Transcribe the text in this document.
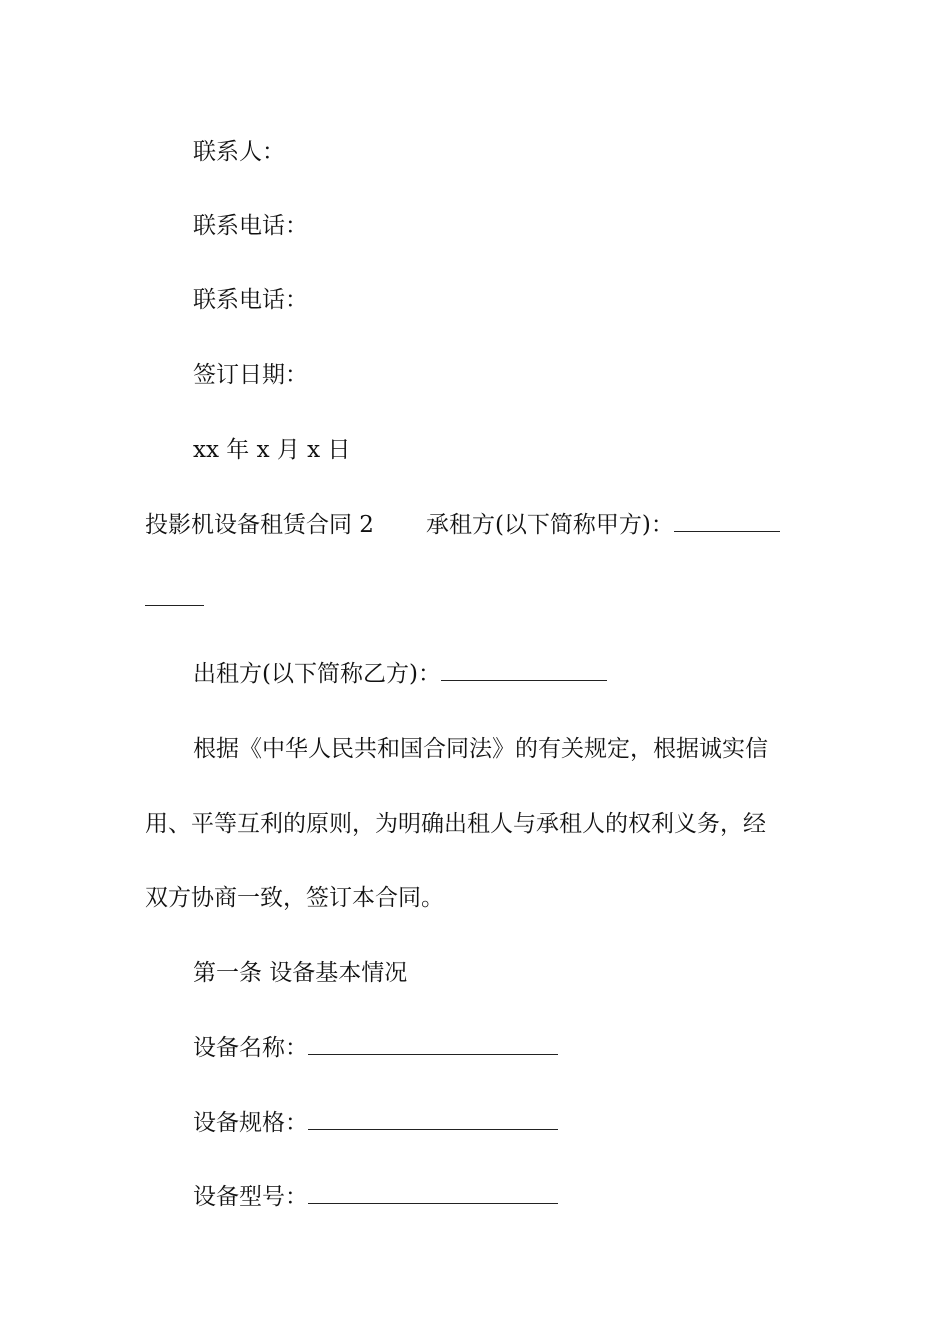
联系人：
联系电话：
联系电话：
签订日期：
xx 年 x 月 x 日
投影机设备租赁合同 2 承租方(以下简称甲方)：
出租方(以下简称乙方)：
根据《中华人民共和国合同法》的有关规定，根据诚实信
用、平等互利的原则，为明确出租人与承租人的权利义务，经
双方协商一致，签订本合同。
第一条 设备基本情况
设备名称：
设备规格：
设备型号：
